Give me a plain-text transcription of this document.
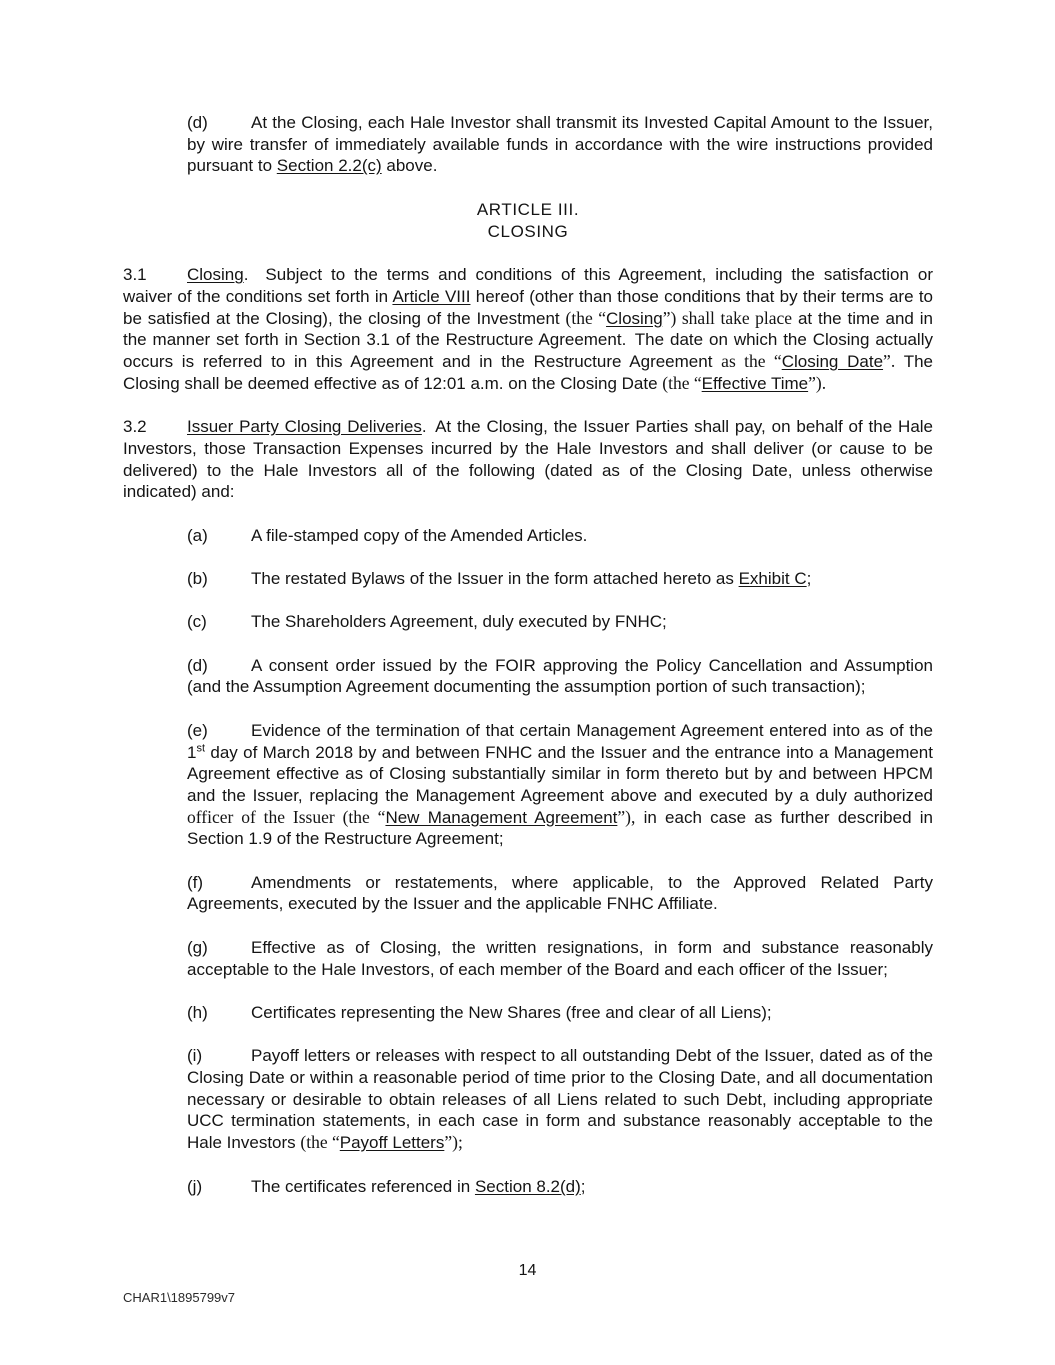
(d)	At the Closing, each Hale Investor shall transmit its Invested Capital Amount to the Issuer, by wire transfer of immediately available funds in accordance with the wire instructions provided pursuant to Section 2.2(c) above.

ARTICLE III.

CLOSING

3.1 Closing.  Subject to the terms and conditions of this Agreement, including the satisfaction or waiver of the conditions set forth in Article VIII hereof (other than those conditions that by their terms are to be satisfied at the Closing), the closing of the Investment (the “Closing”) shall take place at the time and in the manner set forth in Section 3.1 of the Restructure Agreement. The date on which the Closing actually occurs is referred to in this Agreement and in the Restructure Agreement as the “Closing Date”. The Closing shall be deemed effective as of 12:01 a.m. on the Closing Date (the “Effective Time”).

3.2 Issuer Party Closing Deliveries. At the Closing, the Issuer Parties shall pay, on behalf of the Hale Investors, those Transaction Expenses incurred by the Hale Investors and shall deliver (or cause to be delivered) to the Hale Investors all of the following (dated as of the Closing Date, unless otherwise indicated) and:

(a)	A file-stamped copy of the Amended Articles.

(b)	The restated Bylaws of the Issuer in the form attached hereto as Exhibit C;

(c)	The Shareholders Agreement, duly executed by FNHC;

(d)	A consent order issued by the FOIR approving the Policy Cancellation and Assumption (and the Assumption Agreement documenting the assumption portion of such transaction);

(e)	Evidence of the termination of that certain Management Agreement entered into as of the 1st day of March 2018 by and between FNHC and the Issuer and the entrance into a Management Agreement effective as of Closing substantially similar in form thereto but by and between HPCM and the Issuer, replacing the Management Agreement above and executed by a duly authorized officer of the Issuer (the “New Management Agreement”), in each case as further described in Section 1.9 of the Restructure Agreement;

(f)	Amendments or restatements, where applicable, to the Approved Related Party Agreements, executed by the Issuer and the applicable FNHC Affiliate.

(g)	Effective as of Closing, the written resignations, in form and substance reasonably acceptable to the Hale Investors, of each member of the Board and each officer of the Issuer;

(h)	Certificates representing the New Shares (free and clear of all Liens);

(i)	Payoff letters or releases with respect to all outstanding Debt of the Issuer, dated as of the Closing Date or within a reasonable period of time prior to the Closing Date, and all documentation necessary or desirable to obtain releases of all Liens related to such Debt, including appropriate UCC termination statements, in each case in form and substance reasonably acceptable to the Hale Investors (the “Payoff Letters”);

(j)	The certificates referenced in Section 8.2(d);

14
CHAR1\1895799v7
